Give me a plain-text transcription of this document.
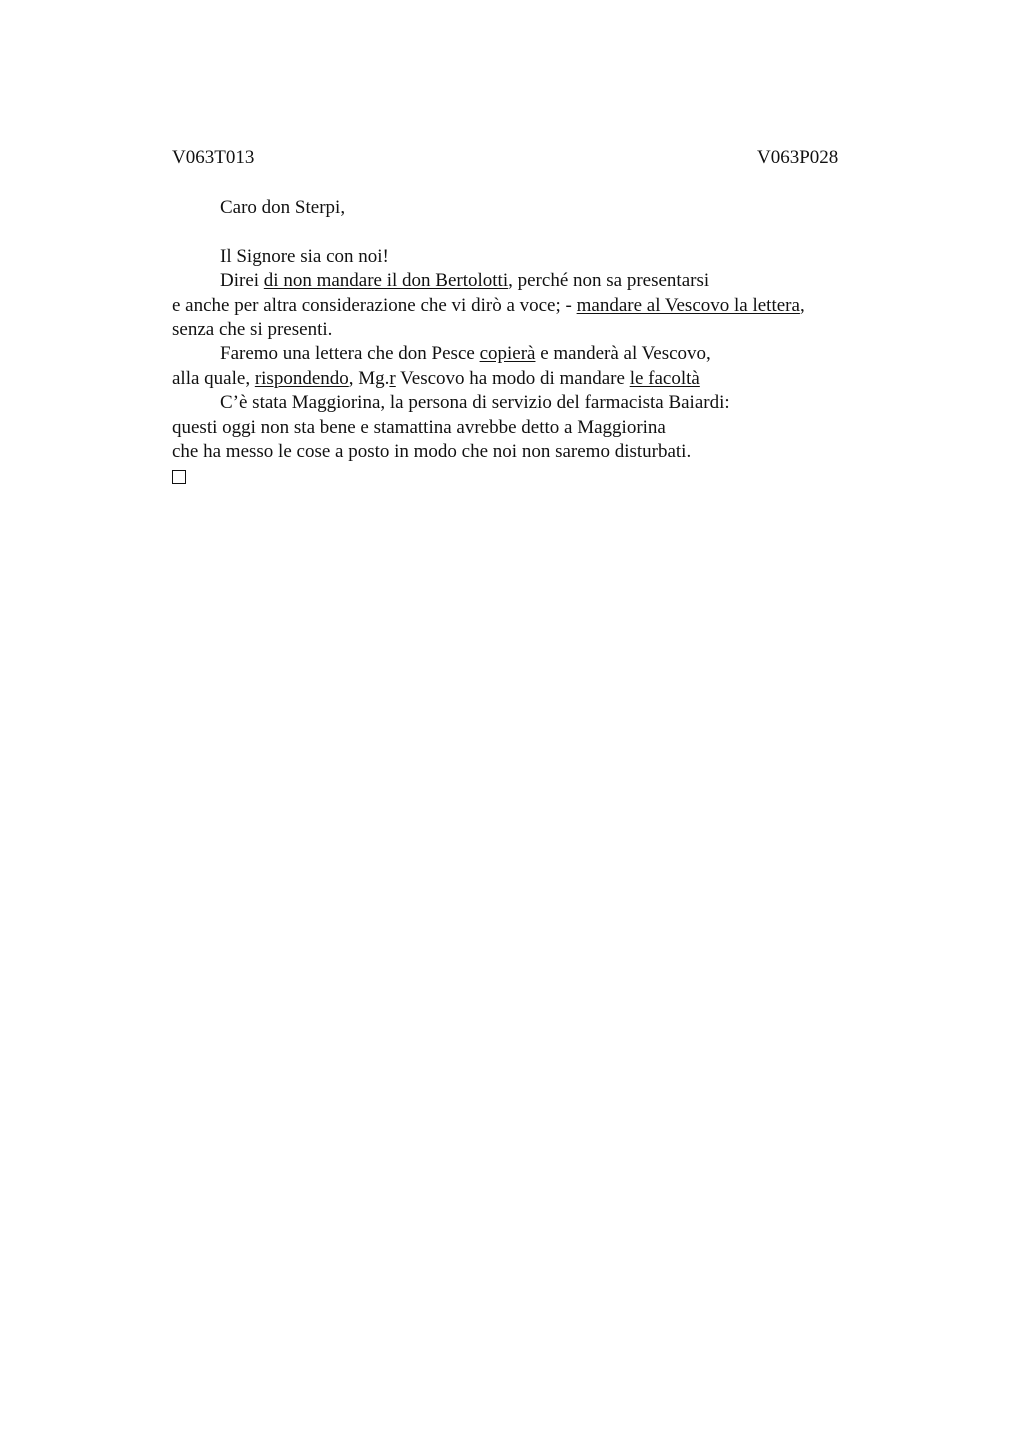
V063T013	V063P028
Caro don Sterpi,
Il Signore sia con noi!
Direi di non mandare il don Bertolotti, perché non sa presentarsi
e anche per altra considerazione che vi dirò a voce; - mandare al Vescovo la lettera,
senza che si presenti.
Faremo una lettera che don Pesce copierà e manderà al Vescovo,
alla quale, rispondendo, Mg.r Vescovo ha modo di mandare le facoltà
C’è stata Maggiorina, la persona di servizio del farmacista Baiardi:
questi oggi non sta bene e stamattina avrebbe detto a Maggiorina
che ha messo le cose a posto in modo che noi non saremo disturbati.
